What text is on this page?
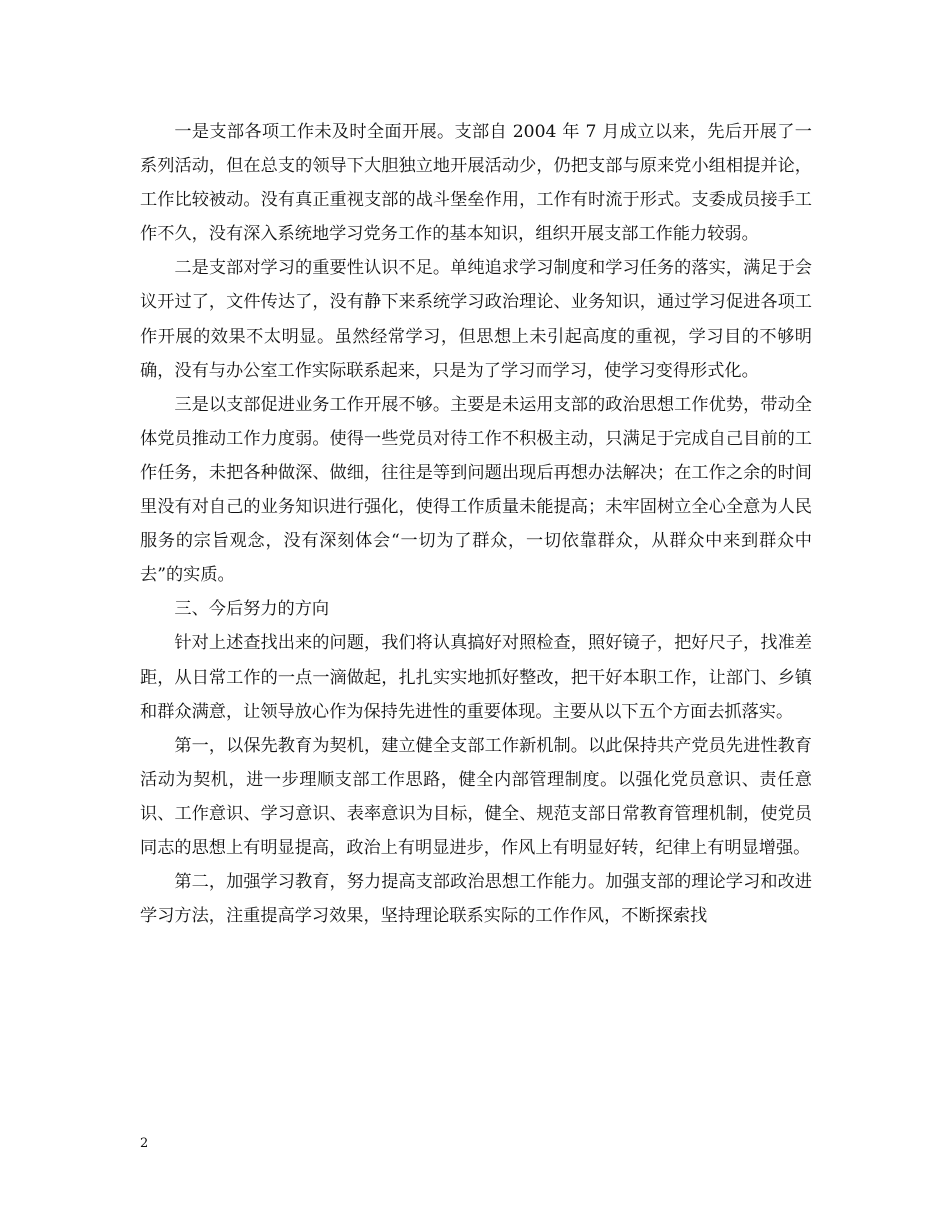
一是支部各项工作未及时全面开展。支部自 2004 年 7 月成立以来，先后开展了一系列活动，但在总支的领导下大胆独立地开展活动少，仍把支部与原来党小组相提并论，工作比较被动。没有真正重视支部的战斗堡垒作用，工作有时流于形式。支委成员接手工作不久，没有深入系统地学习党务工作的基本知识，组织开展支部工作能力较弱。

二是支部对学习的重要性认识不足。单纯追求学习制度和学习任务的落实，满足于会议开过了，文件传达了，没有静下来系统学习政治理论、业务知识，通过学习促进各项工作开展的效果不太明显。虽然经常学习，但思想上未引起高度的重视，学习目的不够明确，没有与办公室工作实际联系起来，只是为了学习而学习，使学习变得形式化。

三是以支部促进业务工作开展不够。主要是未运用支部的政治思想工作优势，带动全体党员推动工作力度弱。使得一些党员对待工作不积极主动，只满足于完成自己目前的工作任务，未把各种做深、做细，往往是等到问题出现后再想办法解决；在工作之余的时间里没有对自己的业务知识进行强化，使得工作质量未能提高；未牢固树立全心全意为人民服务的宗旨观念，没有深刻体会“一切为了群众，一切依靠群众，从群众中来到群众中去”的实质。

三、今后努力的方向

针对上述查找出来的问题，我们将认真搞好对照检查，照好镜子，把好尺子，找准差距，从日常工作的一点一滴做起，扎扎实实地抓好整改，把干好本职工作，让部门、乡镇和群众满意，让领导放心作为保持先进性的重要体现。主要从以下五个方面去抓落实。

第一，以保先教育为契机，建立健全支部工作新机制。以此保持共产党员先进性教育活动为契机，进一步理顺支部工作思路，健全内部管理制度。以强化党员意识、责任意识、工作意识、学习意识、表率意识为目标，健全、规范支部日常教育管理机制，使党员同志的思想上有明显提高，政治上有明显进步，作风上有明显好转，纪律上有明显增强。

第二，加强学习教育，努力提高支部政治思想工作能力。加强支部的理论学习和改进学习方法，注重提高学习效果，坚持理论联系实际的工作作风，不断探索找

2
